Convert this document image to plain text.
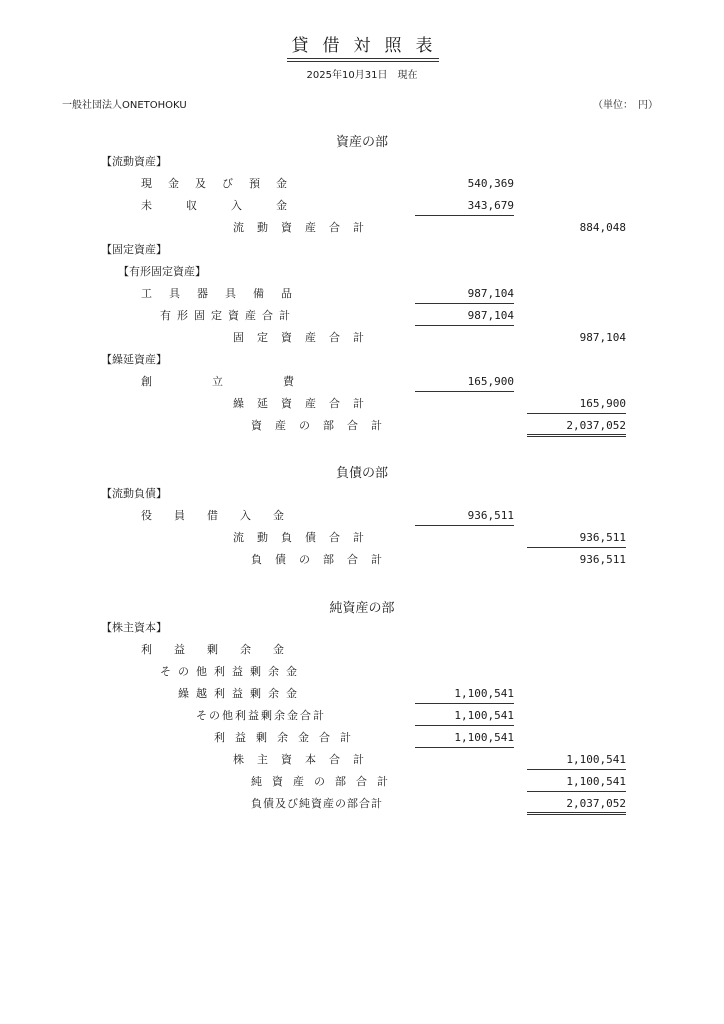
貸借対照表
2025年10月31日　現在
一般社団法人ONETOHOKU	（単位：　円）
資産の部
【流動資産】
現金及び預金	540,369
未収入金	343,679
流動資産合計	884,048
【固定資産】
【有形固定資産】
工具器具備品	987,104
有形固定資産合計	987,104
固定資産合計	987,104
【繰延資産】
創立費	165,900
繰延資産合計	165,900
資産の部合計	2,037,052
負債の部
【流動負債】
役員借入金	936,511
流動負債合計	936,511
負債の部合計	936,511
純資産の部
【株主資本】
利益剰余金
その他利益剰余金
繰越利益剰余金	1,100,541
その他利益剰余金合計	1,100,541
利益剰余金合計	1,100,541
株主資本合計	1,100,541
純資産の部合計	1,100,541
負債及び純資産の部合計	2,037,052
